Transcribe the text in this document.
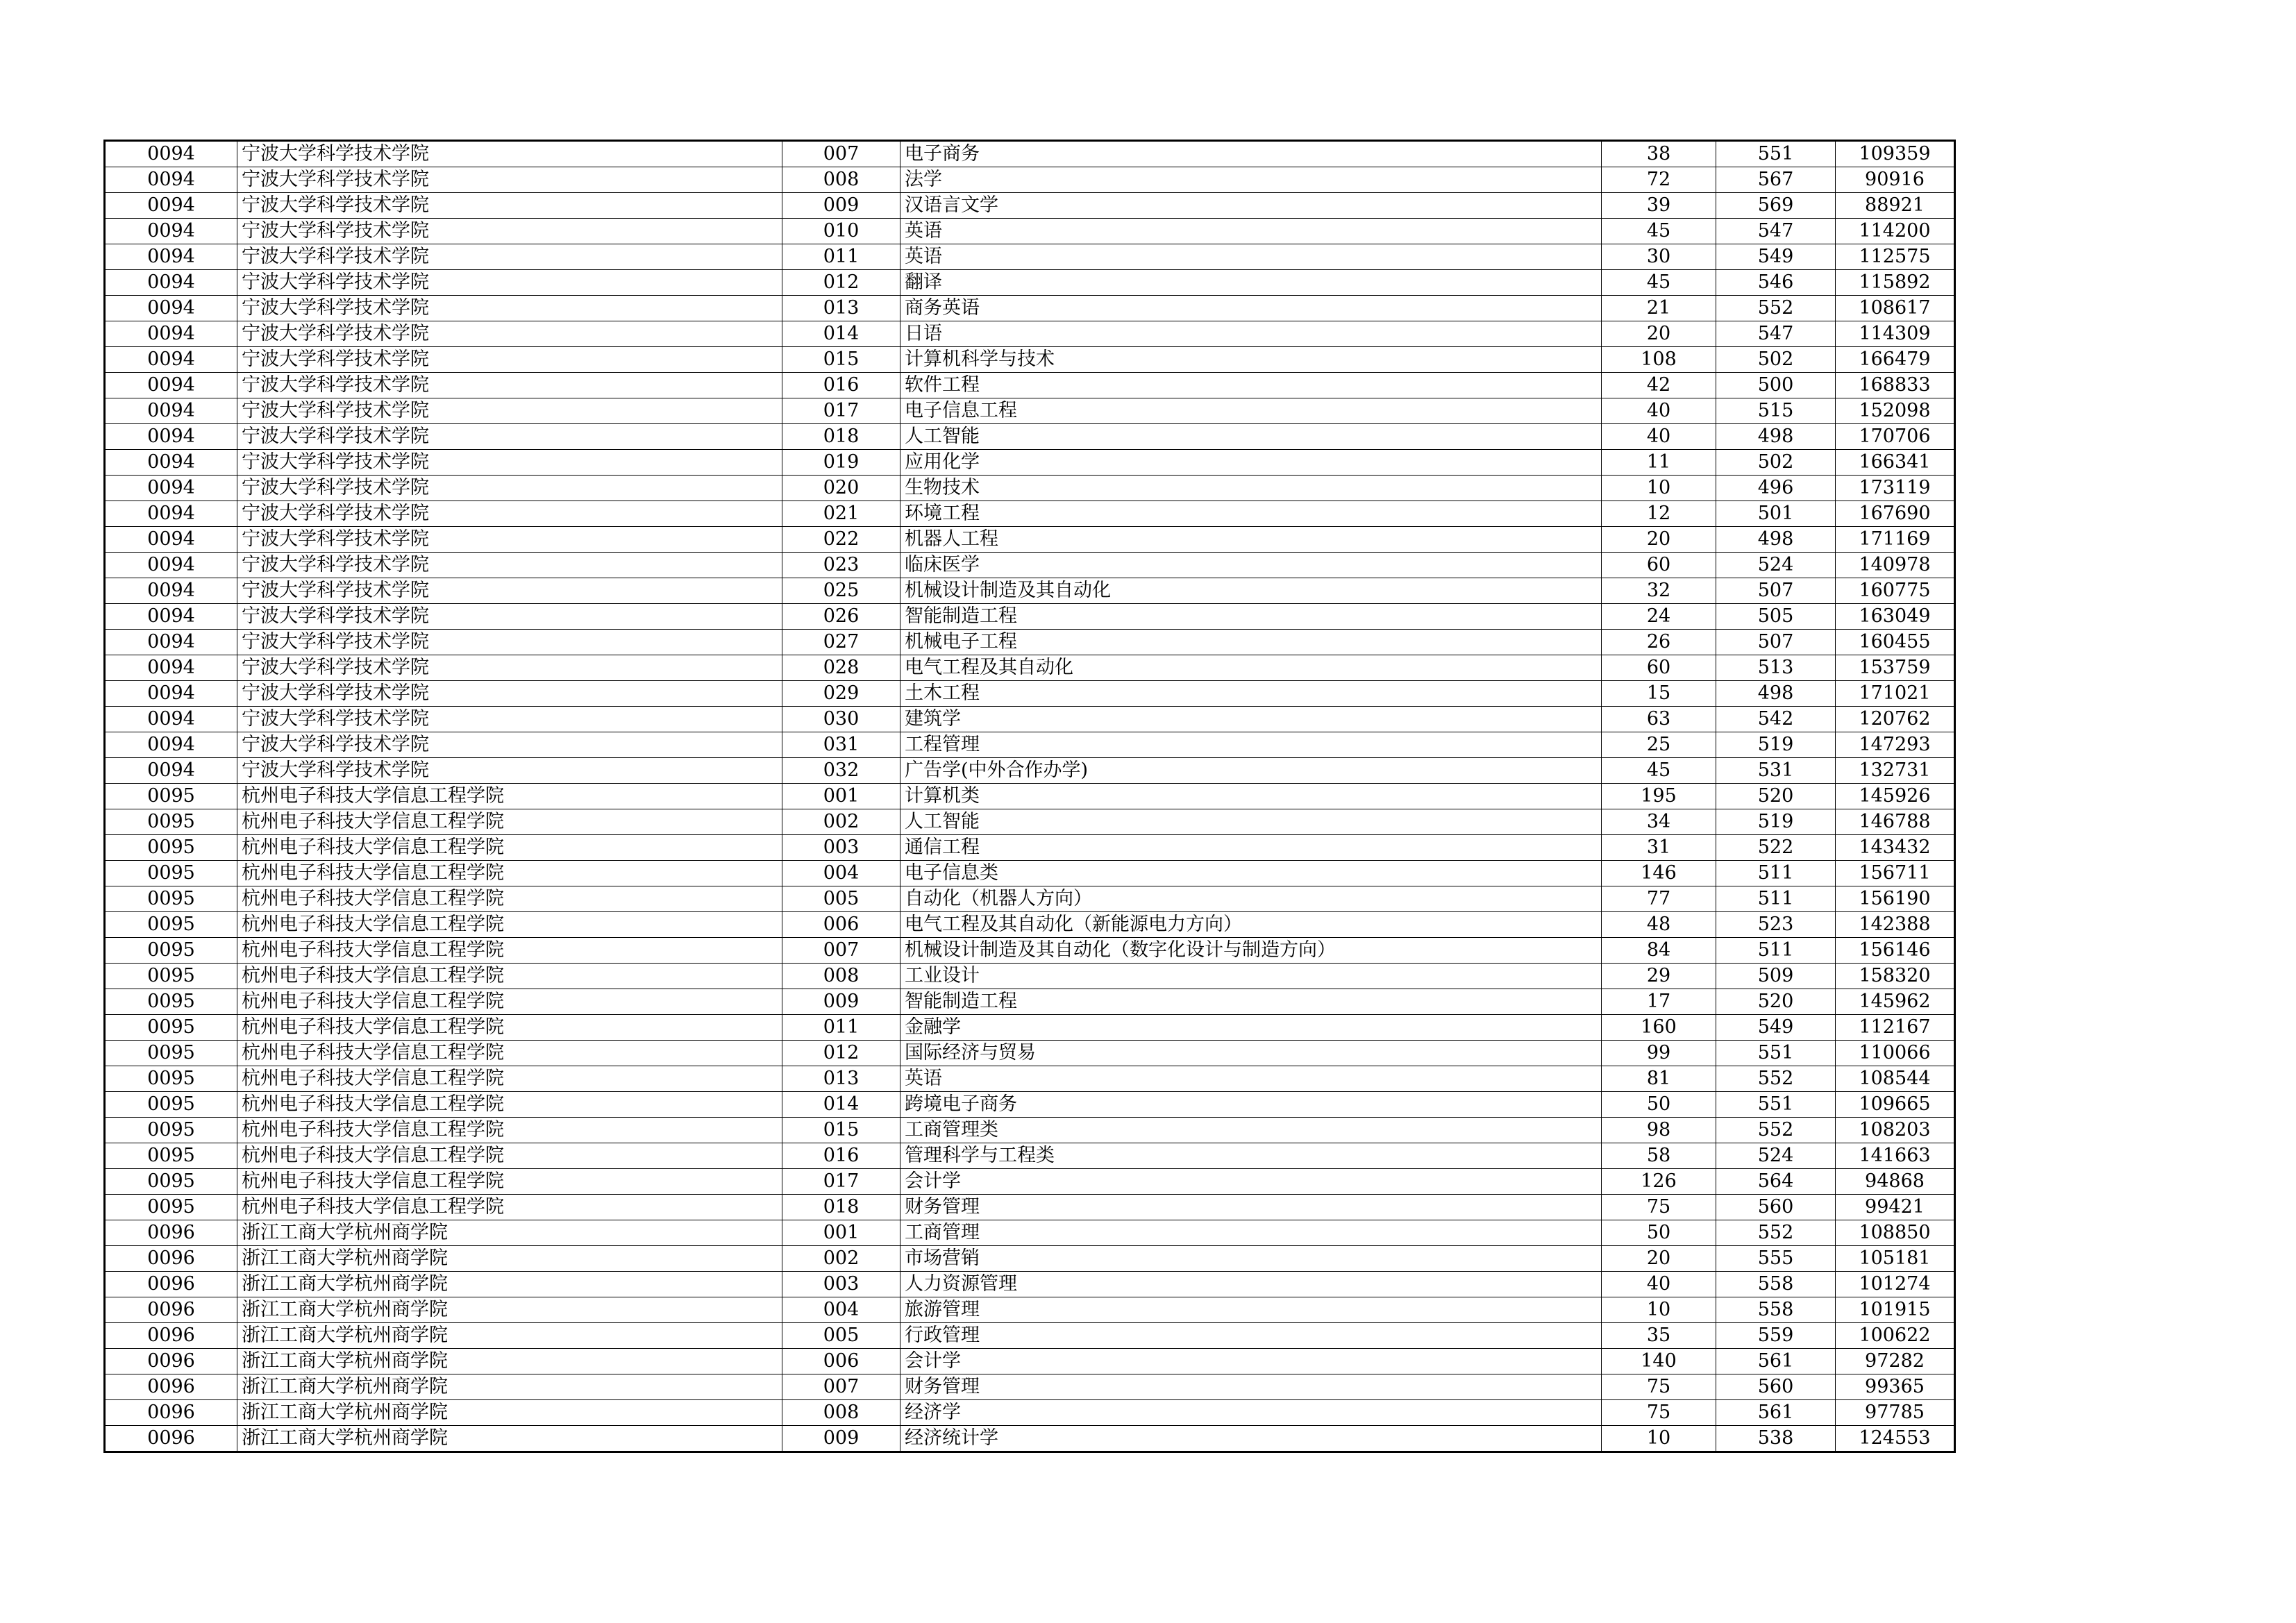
0094	宁波大学科学技术学院	007	电子商务	38	551	109359
0094	宁波大学科学技术学院	008	法学	72	567	90916
0094	宁波大学科学技术学院	009	汉语言文学	39	569	88921
0094	宁波大学科学技术学院	010	英语	45	547	114200
0094	宁波大学科学技术学院	011	英语	30	549	112575
0094	宁波大学科学技术学院	012	翻译	45	546	115892
0094	宁波大学科学技术学院	013	商务英语	21	552	108617
0094	宁波大学科学技术学院	014	日语	20	547	114309
0094	宁波大学科学技术学院	015	计算机科学与技术	108	502	166479
0094	宁波大学科学技术学院	016	软件工程	42	500	168833
0094	宁波大学科学技术学院	017	电子信息工程	40	515	152098
0094	宁波大学科学技术学院	018	人工智能	40	498	170706
0094	宁波大学科学技术学院	019	应用化学	11	502	166341
0094	宁波大学科学技术学院	020	生物技术	10	496	173119
0094	宁波大学科学技术学院	021	环境工程	12	501	167690
0094	宁波大学科学技术学院	022	机器人工程	20	498	171169
0094	宁波大学科学技术学院	023	临床医学	60	524	140978
0094	宁波大学科学技术学院	025	机械设计制造及其自动化	32	507	160775
0094	宁波大学科学技术学院	026	智能制造工程	24	505	163049
0094	宁波大学科学技术学院	027	机械电子工程	26	507	160455
0094	宁波大学科学技术学院	028	电气工程及其自动化	60	513	153759
0094	宁波大学科学技术学院	029	土木工程	15	498	171021
0094	宁波大学科学技术学院	030	建筑学	63	542	120762
0094	宁波大学科学技术学院	031	工程管理	25	519	147293
0094	宁波大学科学技术学院	032	广告学(中外合作办学)	45	531	132731
0095	杭州电子科技大学信息工程学院	001	计算机类	195	520	145926
0095	杭州电子科技大学信息工程学院	002	人工智能	34	519	146788
0095	杭州电子科技大学信息工程学院	003	通信工程	31	522	143432
0095	杭州电子科技大学信息工程学院	004	电子信息类	146	511	156711
0095	杭州电子科技大学信息工程学院	005	自动化（机器人方向）	77	511	156190
0095	杭州电子科技大学信息工程学院	006	电气工程及其自动化（新能源电力方向）	48	523	142388
0095	杭州电子科技大学信息工程学院	007	机械设计制造及其自动化（数字化设计与制造方向）	84	511	156146
0095	杭州电子科技大学信息工程学院	008	工业设计	29	509	158320
0095	杭州电子科技大学信息工程学院	009	智能制造工程	17	520	145962
0095	杭州电子科技大学信息工程学院	011	金融学	160	549	112167
0095	杭州电子科技大学信息工程学院	012	国际经济与贸易	99	551	110066
0095	杭州电子科技大学信息工程学院	013	英语	81	552	108544
0095	杭州电子科技大学信息工程学院	014	跨境电子商务	50	551	109665
0095	杭州电子科技大学信息工程学院	015	工商管理类	98	552	108203
0095	杭州电子科技大学信息工程学院	016	管理科学与工程类	58	524	141663
0095	杭州电子科技大学信息工程学院	017	会计学	126	564	94868
0095	杭州电子科技大学信息工程学院	018	财务管理	75	560	99421
0096	浙江工商大学杭州商学院	001	工商管理	50	552	108850
0096	浙江工商大学杭州商学院	002	市场营销	20	555	105181
0096	浙江工商大学杭州商学院	003	人力资源管理	40	558	101274
0096	浙江工商大学杭州商学院	004	旅游管理	10	558	101915
0096	浙江工商大学杭州商学院	005	行政管理	35	559	100622
0096	浙江工商大学杭州商学院	006	会计学	140	561	97282
0096	浙江工商大学杭州商学院	007	财务管理	75	560	99365
0096	浙江工商大学杭州商学院	008	经济学	75	561	97785
0096	浙江工商大学杭州商学院	009	经济统计学	10	538	124553
